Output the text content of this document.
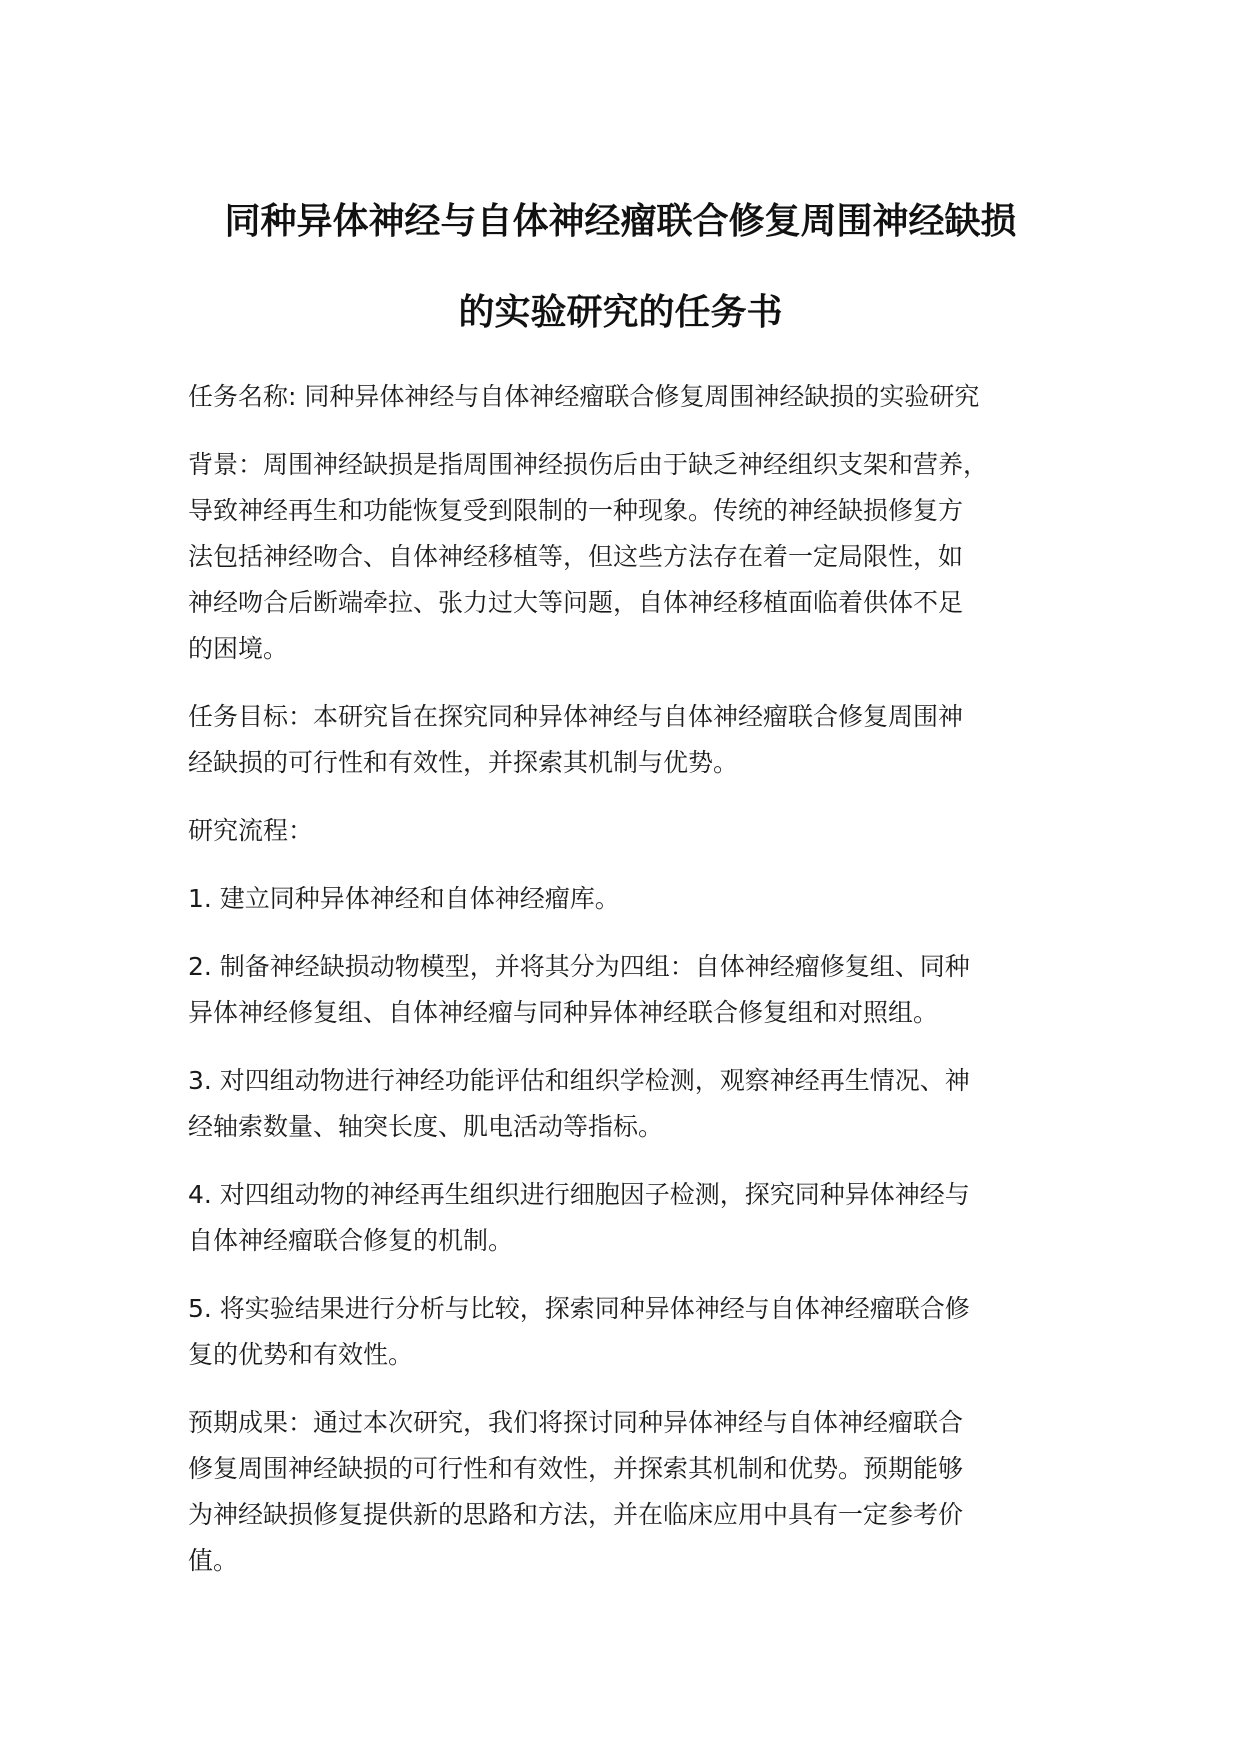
同种异体神经与自体神经瘤联合修复周围神经缺损
的实验研究的任务书

任务名称: 同种异体神经与自体神经瘤联合修复周围神经缺损的实验研究

背景：周围神经缺损是指周围神经损伤后由于缺乏神经组织支架和营养，
导致神经再生和功能恢复受到限制的一种现象。传统的神经缺损修复方
法包括神经吻合、自体神经移植等，但这些方法存在着一定局限性，如
神经吻合后断端牵拉、张力过大等问题，自体神经移植面临着供体不足
的困境。

任务目标：本研究旨在探究同种异体神经与自体神经瘤联合修复周围神
经缺损的可行性和有效性，并探索其机制与优势。

研究流程：

1. 建立同种异体神经和自体神经瘤库。

2. 制备神经缺损动物模型，并将其分为四组：自体神经瘤修复组、同种
异体神经修复组、自体神经瘤与同种异体神经联合修复组和对照组。

3. 对四组动物进行神经功能评估和组织学检测，观察神经再生情况、神
经轴索数量、轴突长度、肌电活动等指标。

4. 对四组动物的神经再生组织进行细胞因子检测，探究同种异体神经与
自体神经瘤联合修复的机制。

5. 将实验结果进行分析与比较，探索同种异体神经与自体神经瘤联合修
复的优势和有效性。

预期成果：通过本次研究，我们将探讨同种异体神经与自体神经瘤联合
修复周围神经缺损的可行性和有效性，并探索其机制和优势。预期能够
为神经缺损修复提供新的思路和方法，并在临床应用中具有一定参考价
值。
